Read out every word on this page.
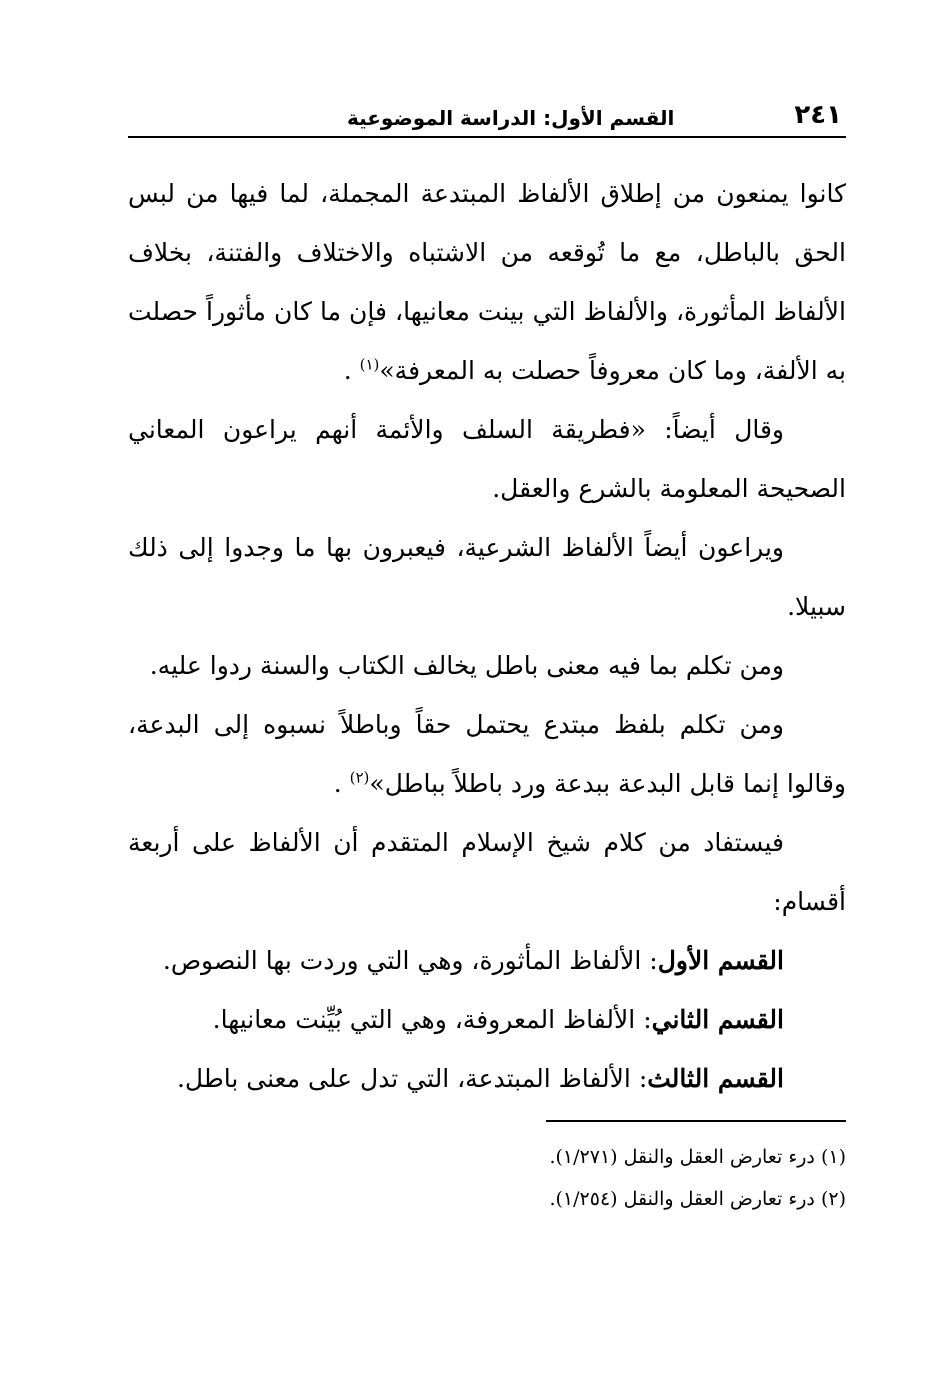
٢٤١
القسم الأول: الدراسة الموضوعية

كانوا يمنعون من إطلاق الألفاظ المبتدعة المجملة، لما فيها من لبس الحق بالباطل، مع ما تُوقعه من الاشتباه والاختلاف والفتنة، بخلاف الألفاظ المأثورة، والألفاظ التي بينت معانيها، فإن ما كان مأثوراً حصلت به الألفة، وما كان معروفاً حصلت به المعرفة»$^{(١)}$ .

وقال أيضاً: «فطريقة السلف والأئمة أنهم يراعون المعاني الصحيحة المعلومة بالشرع والعقل.

ويراعون أيضاً الألفاظ الشرعية، فيعبرون بها ما وجدوا إلى ذلك سبيلا.

ومن تكلم بما فيه معنى باطل يخالف الكتاب والسنة ردوا عليه.

ومن تكلم بلفظ مبتدع يحتمل حقاً وباطلاً نسبوه إلى البدعة، وقالوا إنما قابل البدعة ببدعة ورد باطلاً بباطل»$^{(٢)}$ .

فيستفاد من كلام شيخ الإسلام المتقدم أن الألفاظ على أربعة أقسام:

القسم الأول: الألفاظ المأثورة، وهي التي وردت بها النصوص.

القسم الثاني: الألفاظ المعروفة، وهي التي بُيِّنت معانيها.

القسم الثالث: الألفاظ المبتدعة، التي تدل على معنى باطل.

(١) درء تعارض العقل والنقل (١/٢٧١).

(٢) درء تعارض العقل والنقل (١/٢٥٤).
